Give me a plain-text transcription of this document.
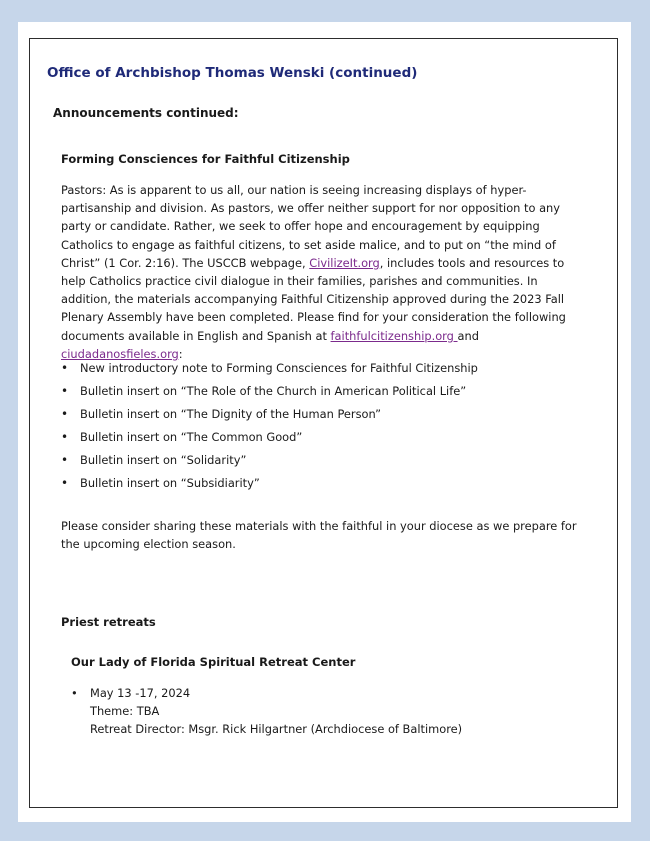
Office of Archbishop Thomas Wenski (continued)
Announcements continued:
Forming Consciences for Faithful Citizenship

Pastors: As is apparent to us all, our nation is seeing increasing displays of hyper-partisanship and division. As pastors, we offer neither support for nor opposition to any party or candidate. Rather, we seek to offer hope and encouragement by equipping Catholics to engage as faithful citizens, to set aside malice, and to put on “the mind of Christ” (1 Cor. 2:16). The USCCB webpage, CivilizeIt.org, includes tools and resources to help Catholics practice civil dialogue in their families, parishes and communities. In addition, the materials accompanying Faithful Citizenship approved during the 2023 Fall Plenary Assembly have been completed. Please find for your consideration the following documents available in English and Spanish at faithfulcitizenship.org and ciudadanosfieles.org:

• New introductory note to Forming Consciences for Faithful Citizenship
• Bulletin insert on “The Role of the Church in American Political Life”
• Bulletin insert on “The Dignity of the Human Person”
• Bulletin insert on “The Common Good”
• Bulletin insert on “Solidarity”
• Bulletin insert on “Subsidiarity”

Please consider sharing these materials with the faithful in your diocese as we prepare for the upcoming election season.

Priest retreats
Our Lady of Florida Spiritual Retreat Center
• May 13 -17, 2024
Theme: TBA
Retreat Director: Msgr. Rick Hilgartner (Archdiocese of Baltimore)
